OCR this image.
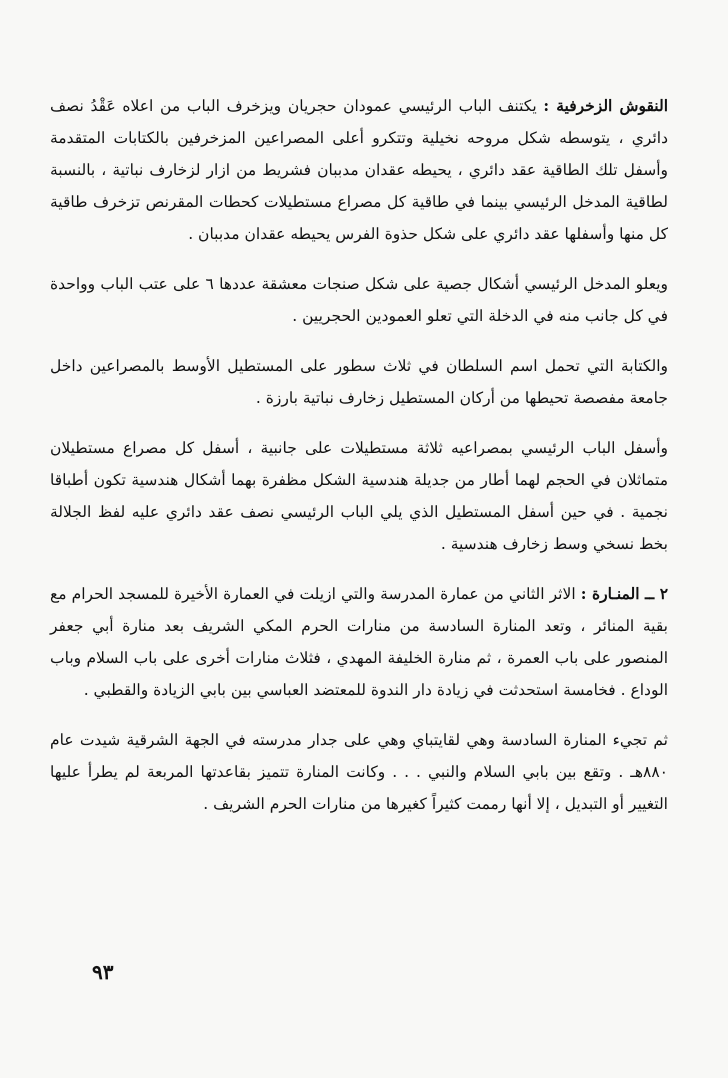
النقوش الزخرفية : يكتنف الباب الرئيسي عمودان حجريان ويزخرف الباب من اعلاه عَقْدُ نصف دائري ، يتوسطه شكل مروحه نخيلية وتتكرو أعلى المصراعين المزخرفين بالكتابات المتقدمة وأسفل تلك الطاقية عقد دائري ، يحيطه عقدان مدببان فشريط من ازار لزخارف نباتية ، بالنسبة لطاقية المدخل الرئيسي بينما في طاقية كل مصراع مستطيلات كحطات المقرنص تزخرف طاقية كل منها وأسفلها عقد دائري على شكل حذوة الفرس يحيطه عقدان مدببان .

ويعلو المدخل الرئيسي أشكال جصية على شكل صنجات معشقة عددها ٦ على عتب الباب وواحدة في كل جانب منه في الدخلة التي تعلو العمودين الحجريين .

والكتابة التي تحمل اسم السلطان في ثلاث سطور على المستطيل الأوسط بالمصراعين داخل جامعة مفصصة تحيطها من أركان المستطيل زخارف نباتية بارزة .

وأسفل الباب الرئيسي بمصراعيه ثلاثة مستطيلات على جانبية ، أسفل كل مصراع مستطيلان متماثلان في الحجم لهما أطار من جديلة هندسية الشكل مظفرة بهما أشكال هندسية تكون أطباقا نجمية . في حين أسفل المستطيل الذي يلي الباب الرئيسي نصف عقد دائري عليه لفظ الجلالة بخط نسخي وسط زخارف هندسية .

٢ ــ المنـارة : الاثر الثاني من عمارة المدرسة والتي ازيلت في العمارة الأخيرة للمسجد الحرام مع بقية المنائر ، وتعد المنارة السادسة من منارات الحرم المكي الشريف بعد منارة أبي جعفر المنصور على باب العمرة ، ثم منارة الخليفة المهدي ، فثلاث منارات أخرى على باب السلام وباب الوداع . فخامسة استحدثت في زيادة دار الندوة للمعتضد العباسي بين بابي الزيادة والقطبي .

ثم تجيء المنارة السادسة وهي لقايتباي وهي على جدار مدرسته في الجهة الشرقية شيدت عام ٨٨٠هـ . وتقع بين بابي السلام والنبي . . . وكانت المنارة تتميز بقاعدتها المربعة لم يطرأ عليها التغيير أو التبديل ، إلا أنها رممت كثيراً كغيرها من منارات الحرم الشريف .

٩٣
